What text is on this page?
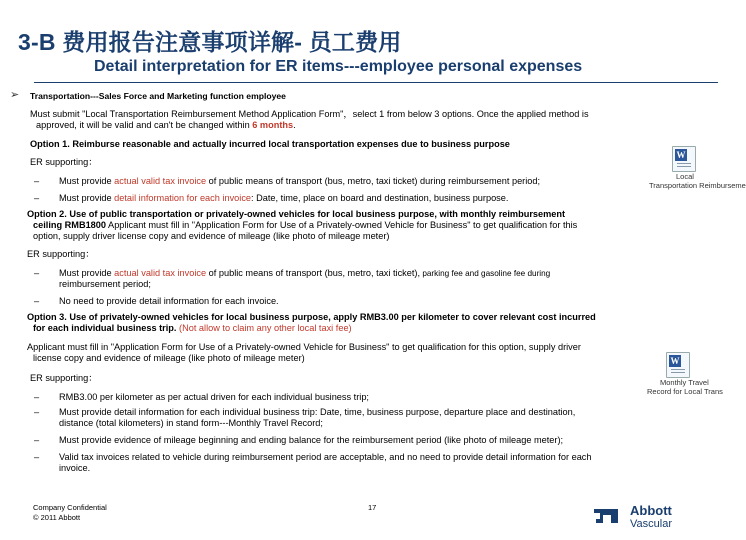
3-B 费用报告注意事项详解- 员工费用
Detail interpretation for ER items---employee personal expenses
➢ Transportation---Sales Force and Marketing function employee
Must submit "Local Transportation Reimbursement Method Application Form"，select 1 from below 3 options. Once the applied method is
approved, it will be valid and can't be changed within 6 months.
Option 1. Reimburse reasonable and actually incurred local transportation expenses due to business purpose
ER supporting：
– Must provide actual valid tax invoice of public means of transport (bus, metro, taxi ticket) during reimbursement period;
– Must provide detail information for each invoice: Date, time, place on board and destination, business purpose.
W
Local
Transportation Reimburseme
Option 2. Use of public transportation or privately-owned vehicles for local business purpose, with monthly reimbursement
ceiling RMB1800 Applicant must fill in "Application Form for Use of a Privately-owned Vehicle for Business" to get qualification for this
option, supply driver license copy and evidence of mileage (like photo of mileage meter)
ER supporting：
– Must provide actual valid tax invoice of public means of transport (bus, metro, taxi ticket), parking fee and gasoline fee during
reimbursement period;
– No need to provide detail information for each invoice.
Option 3. Use of privately-owned vehicles for local business purpose, apply RMB3.00 per kilometer to cover relevant cost incurred
for each individual business trip. (Not allow to claim any other local taxi fee)
Applicant must fill in "Application Form for Use of a Privately-owned Vehicle for Business" to get qualification for this option, supply driver
license copy and evidence of mileage (like photo of mileage meter)
ER supporting：
– RMB3.00 per kilometer as per actual driven for each individual business trip;
– Must provide detail information for each individual business trip: Date, time, business purpose, departure place and destination,
distance (total kilometers) in stand form---Monthly Travel Record;
– Must provide evidence of mileage beginning and ending balance for the reimbursement period (like photo of mileage meter);
– Valid tax invoices related to vehicle during reimbursement period are acceptable, and no need to provide detail information for each
invoice.
W
Monthly Travel
Record for Local Trans
Company Confidential
© 2011 Abbott
17	Abbott
Vascular
